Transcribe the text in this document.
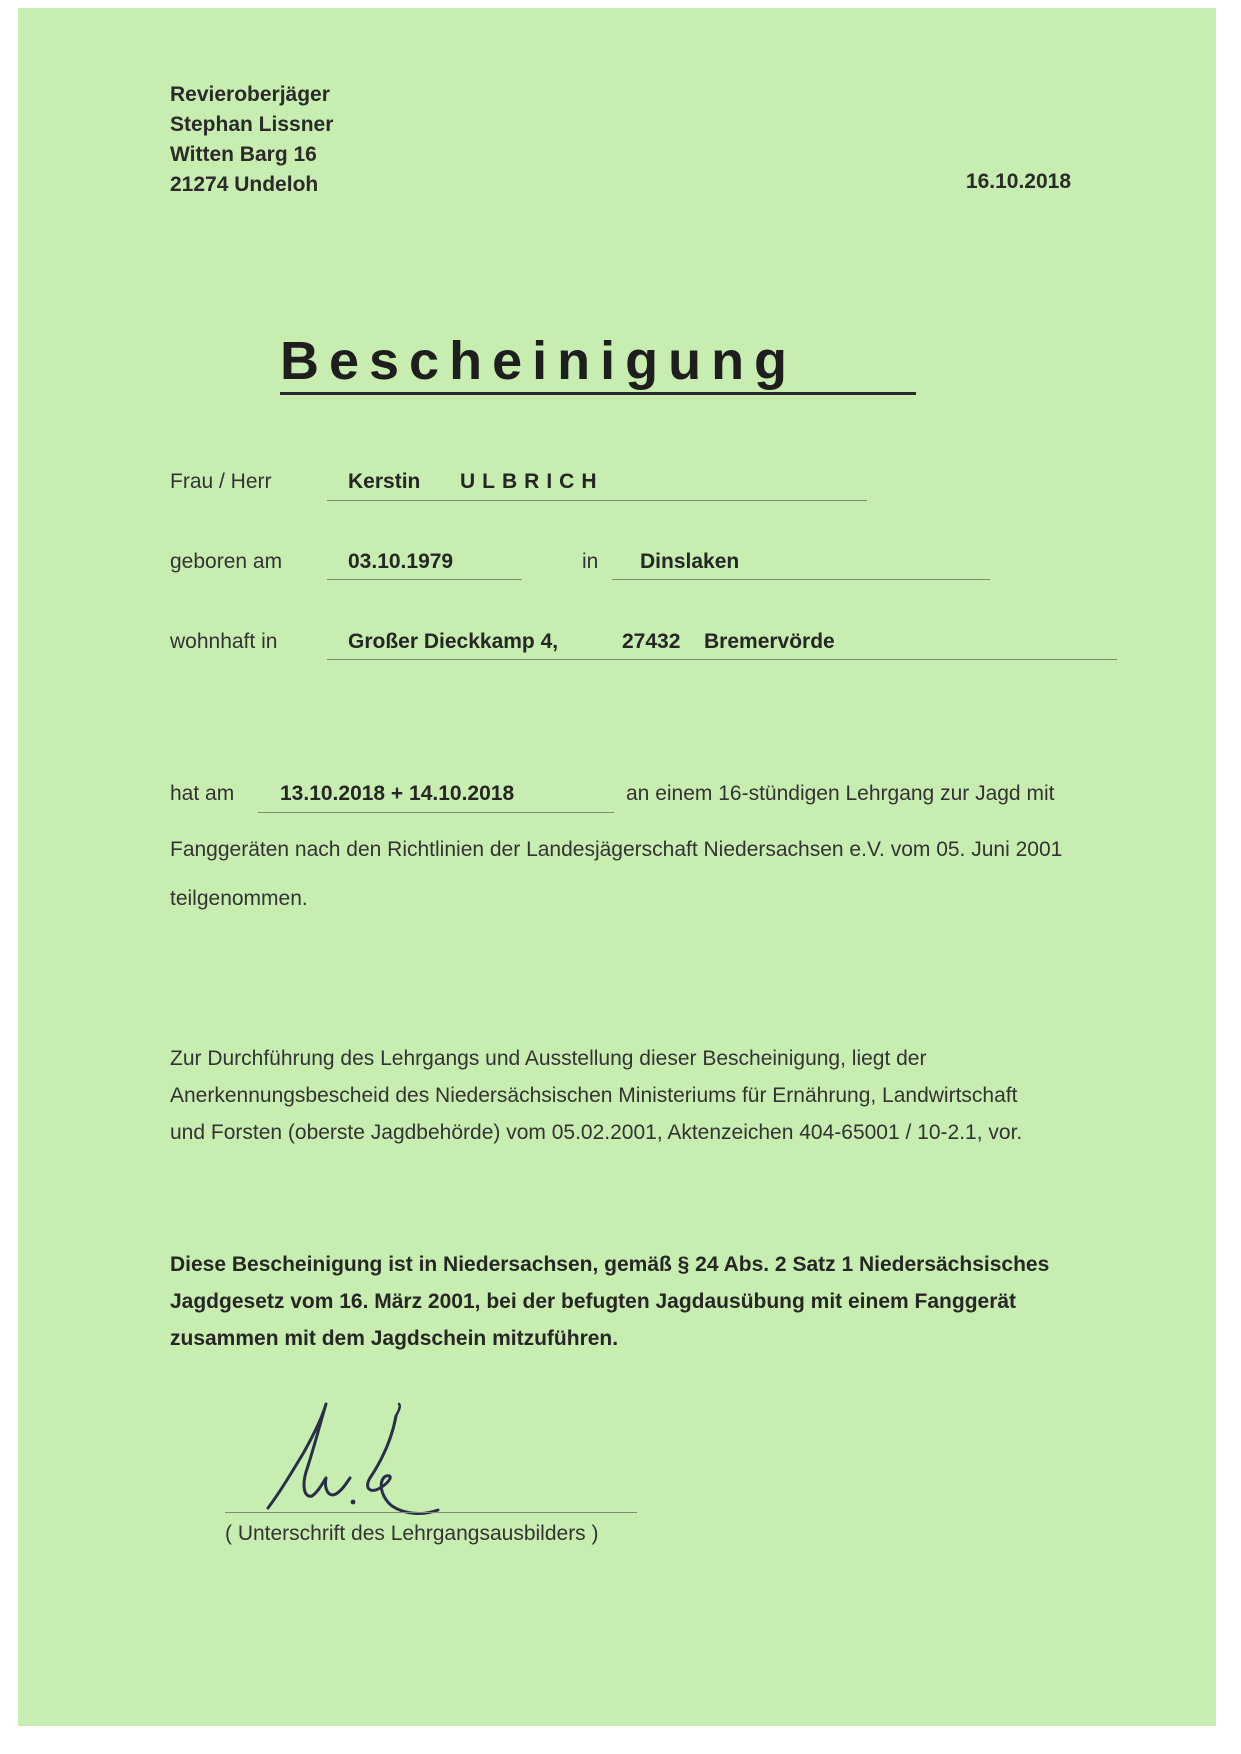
Revieroberjäger
Stephan Lissner
Witten Barg 16
21274 Undeloh	16.10.2018
Bescheinigung
Frau / Herr	Kerstin ULBRICH
geboren am	03.10.1979	in Dinslaken
wohnhaft in	Großer Dieckkamp 4,	27432 Bremervörde
hat am 13.10.2018 + 14.10.2018	an einem 16-stündigen Lehrgang zur Jagd mit
Fanggeräten nach den Richtlinien der Landesjägerschaft Niedersachsen e.V. vom 05. Juni 2001
teilgenommen.
Zur Durchführung des Lehrgangs und Ausstellung dieser Bescheinigung, liegt der
Anerkennungsbescheid des Niedersächsischen Ministeriums für Ernährung, Landwirtschaft
und Forsten (oberste Jagdbehörde) vom 05.02.2001, Aktenzeichen 404-65001 / 10-2.1, vor.
Diese Bescheinigung ist in Niedersachsen, gemäß § 24 Abs. 2 Satz 1 Niedersächsisches
Jagdgesetz vom 16. März 2001, bei der befugten Jagdausübung mit einem Fanggerät
zusammen mit dem Jagdschein mitzuführen.
( Unterschrift des Lehrgangsausbilders )
